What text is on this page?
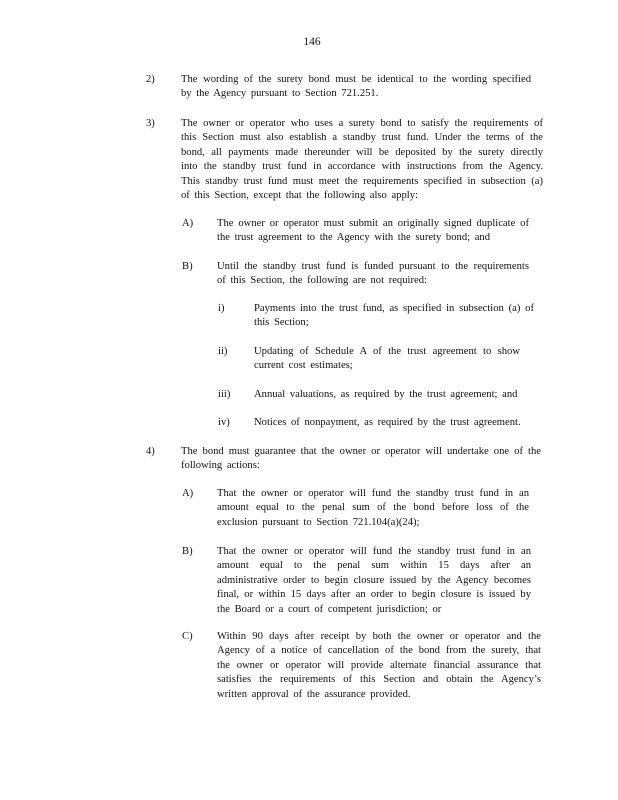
146
2) The wording of the surety bond must be identical to the wording specified by the Agency pursuant to Section 721.251.
3) The owner or operator who uses a surety bond to satisfy the requirements of this Section must also establish a standby trust fund. Under the terms of the bond, all payments made thereunder will be deposited by the surety directly into the standby trust fund in accordance with instructions from the Agency. This standby trust fund must meet the requirements specified in subsection (a) of this Section, except that the following also apply:
A) The owner or operator must submit an originally signed duplicate of the trust agreement to the Agency with the surety bond; and
B) Until the standby trust fund is funded pursuant to the requirements of this Section, the following are not required:
i)	Payments into the trust fund, as specified in subsection (a) of this Section;
ii)	Updating of Schedule A of the trust agreement to show current cost estimates;
iii) Annual valuations, as required by the trust agreement; and
iv) Notices of nonpayment, as required by the trust agreement.
4) The bond must guarantee that the owner or operator will undertake one of the following actions:
A) That the owner or operator will fund the standby trust fund in an amount equal to the penal sum of the bond before loss of the exclusion pursuant to Section 721.104(a)(24);
B) That the owner or operator will fund the standby trust fund in an amount equal to the penal sum within 15 days after an administrative order to begin closure issued by the Agency becomes final, or within 15 days after an order to begin closure is issued by the Board or a court of competent jurisdiction; or
C) Within 90 days after receipt by both the owner or operator and the Agency of a notice of cancellation of the bond from the surety, that the owner or operator will provide alternate financial assurance that satisfies the requirements of this Section and obtain the Agency’s written approval of the assurance provided.
